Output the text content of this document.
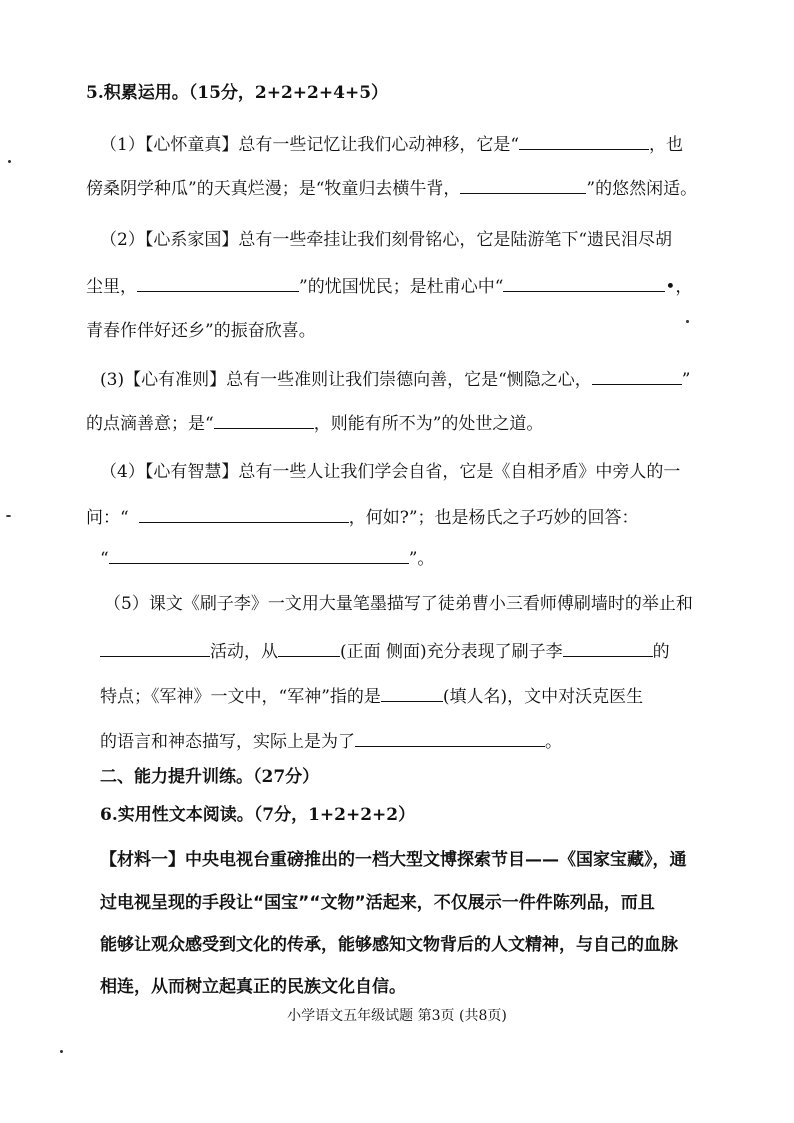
5.积累运用。（15分，2+2+2+4+5）
（1）【心怀童真】总有一些记忆让我们心动神移，它是“	，也
傍桑阴学种瓜”的天真烂漫；是“牧童归去横牛背，	”的悠然闲适。
（2）【心系家国】总有一些牵挂让我们刻骨铭心，它是陆游笔下“遗民泪尽胡
尘里，	”的忧国忧民；是杜甫心中“	•，
青春作伴好还乡”的振奋欣喜。
(3)【心有准则】总有一些准则让我们崇德向善，它是“恻隐之心，	”
的点滴善意；是“	，则能有所不为”的处世之道。
（4）【心有智慧】总有一些人让我们学会自省，它是《自相矛盾》中旁人的一
问：“	，何如?”；也是杨氏之子巧妙的回答：
“	”。
（5）课文《刷子李》一文用大量笔墨描写了徒弟曹小三看师傅刷墙时的举止和
活动，从	(正面 侧面)充分表现了刷子李	的
特点；《军神》一文中，“军神”指的是	(填人名)，文中对沃克医生
的语言和神态描写，实际上是为了	。
二、能力提升训练。（27分）
6.实用性文本阅读。（7分，1+2+2+2）
【材料一】中央电视台重磅推出的一档大型文博探索节目——《国家宝藏》，通
过电视呈现的手段让“国宝”“文物”活起来，不仅展示一件件陈列品，而且
能够让观众感受到文化的传承，能够感知文物背后的人文精神，与自己的血脉
相连，从而树立起真正的民族文化自信。
小学语文五年级试题 第3页 (共8页)
